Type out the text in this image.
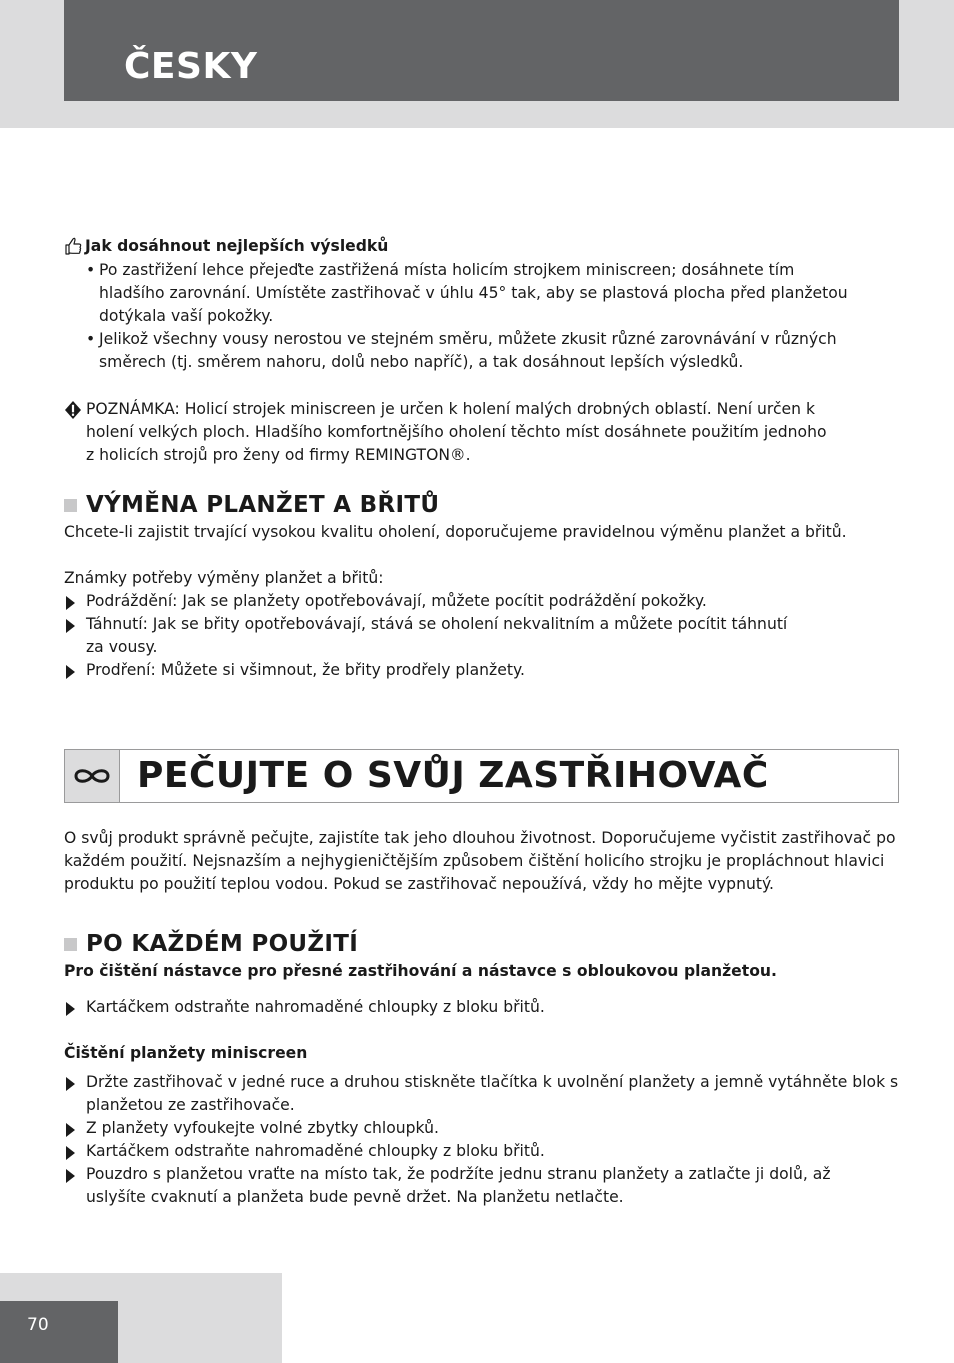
ČESKY
Jak dosáhnout nejlepších výsledků
• Po zastřižení lehce přejeďte zastřižená místa holicím strojkem miniscreen; dosáhnete tím
hladšího zarovnání. Umístěte zastřihovač v úhlu 45° tak, aby se plastová plocha před planžetou
dotýkala vaší pokožky.
• Jelikož všechny vousy nerostou ve stejném směru, můžete zkusit různé zarovnávání v různých
směrech (tj. směrem nahoru, dolů nebo napříč), a tak dosáhnout lepších výsledků.
POZNÁMKA: Holicí strojek miniscreen je určen k holení malých drobných oblastí. Není určen k
holení velkých ploch. Hladšího komfortnějšího oholení těchto míst dosáhnete použitím jednoho
z holicích strojů pro ženy od firmy REMINGTON®.
VÝMĚNA PLANŽET A BŘITŮ
Chcete-li zajistit trvající vysokou kvalitu oholení, doporučujeme pravidelnou výměnu planžet a břitů.
Známky potřeby výměny planžet a břitů:
Podráždění: Jak se planžety opotřebovávají, můžete pocítit podráždění pokožky.
Táhnutí: Jak se břity opotřebovávají, stává se oholení nekvalitním a můžete pocítit táhnutí
za vousy.
Prodření: Můžete si všimnout, že břity prodřely planžety.
PEČUJTE O SVŮJ ZASTŘIHOVAČ
O svůj produkt správně pečujte, zajistíte tak jeho dlouhou životnost. Doporučujeme vyčistit zastřihovač po
každém použití. Nejsnazším a nejhygieničtějším způsobem čištění holicího strojku je propláchnout hlavici
produktu po použití teplou vodou. Pokud se zastřihovač nepoužívá, vždy ho mějte vypnutý.
PO KAŽDÉM POUŽITÍ
Pro čištění nástavce pro přesné zastřihování a nástavce s obloukovou planžetou.
Kartáčkem odstraňte nahromaděné chloupky z bloku břitů.
Čištění planžety miniscreen
Držte zastřihovač v jedné ruce a druhou stiskněte tlačítka k uvolnění planžety a jemně vytáhněte blok s
planžetou ze zastřihovače.
Z planžety vyfoukejte volné zbytky chloupků.
Kartáčkem odstraňte nahromaděné chloupky z bloku břitů.
Pouzdro s planžetou vraťte na místo tak, že podržíte jednu stranu planžety a zatlačte ji dolů, až
uslyšíte cvaknutí a planžeta bude pevně držet. Na planžetu netlačte.
70
